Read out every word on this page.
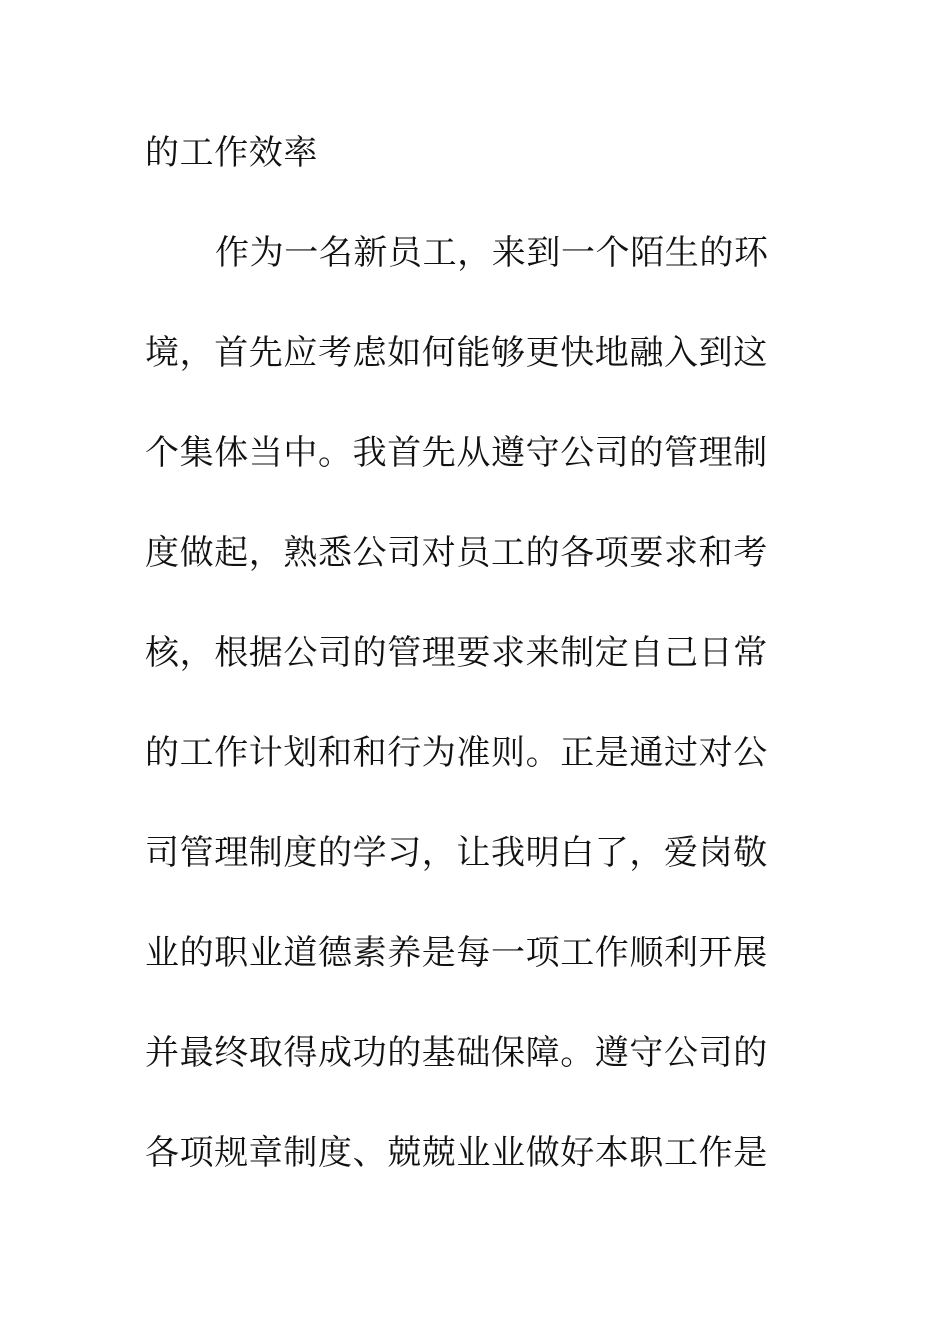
的工作效率
作为一名新员工，来到一个陌生的环
境，首先应考虑如何能够更快地融入到这
个集体当中。我首先从遵守公司的管理制
度做起，熟悉公司对员工的各项要求和考
核，根据公司的管理要求来制定自己日常
的工作计划和和行为准则。正是通过对公
司管理制度的学习，让我明白了，爱岗敬
业的职业道德素养是每一项工作顺利开展
并最终取得成功的基础保障。遵守公司的
各项规章制度、兢兢业业做好本职工作是
